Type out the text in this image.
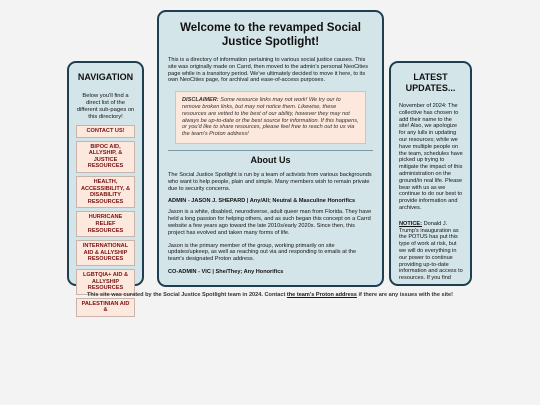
NAVIGATION
Below you'll find a direct list of the different sub-pages on this directory!
CONTACT US!
BIPOC AID, ALLYSHIP, & JUSTICE RESOURCES
HEALTH, ACCESSIBILITY, & DISABILITY RESOURCES
HURRICANE RELIEF RESOURCES
INTERNATIONAL AID & ALLYSHIP RESOURCES
LGBTQIA+ AID & ALLYSHIP RESOURCES
PALESTINIAN AID &
Welcome to the revamped Social Justice Spotlight!
This is a directory of information pertaining to various social justice causes. This site was originally made on Carrd, then moved to the admin's personal NeoCities page while in a transitory period. We've ultimately decided to move it here, to its own NeoCities page, for archival and ease-of-access purposes.
DISCLAIMER: Some resource links may not work! We try our to remove broken links, but may not notice them. Likewise, these resources are vetted to the best of our ability, however they may not always be up-to-date or the best source for information. If this happens, or you'd like to share resources, please feel free to reach out to us via the team's Proton address!
About Us
The Social Justice Spotlight is run by a team of activists from various backgrounds who want to help people, plain and simple. Many members wish to remain private due to security concerns.
ADMIN - JASON J. SHEPARD | Any/All; Neutral & Masculine Honorifics
Jason is a white, disabled, neurodiverse, adult queer man from Florida. They have held a long passion for helping others, and as such began this concept on a Carrd website a few years ago toward the late 2010s/early 2020s. Since then, this project has evolved and taken many forms of life.
Jason is the primary member of the group, working primarily on site updates/upkeep, as well as reaching out via and responding to emails at the team's designated Proton address.
CO-ADMIN - VIC | She/They; Any Honorifics
LATEST UPDATES...
November of 2024: The collective has chosen to add their name to the site! Also, we apologize for any lulls in updating our resources; while we have multiple people on the team, schedules have picked up trying to mitigate the impact of this administration on the ground/in real life. Please bear with us as we continue to do our best to provide information and archives.
NOTICE: Donald J. Trump's inauguration as the POTUS has put this type of work at risk, but we will do everything in our power to continue providing up-to-date information and access to resources. If you find
This site was curated by the Social Justice Spotlight team in 2024. Contact the team's Proton address if there are any issues with the site!
